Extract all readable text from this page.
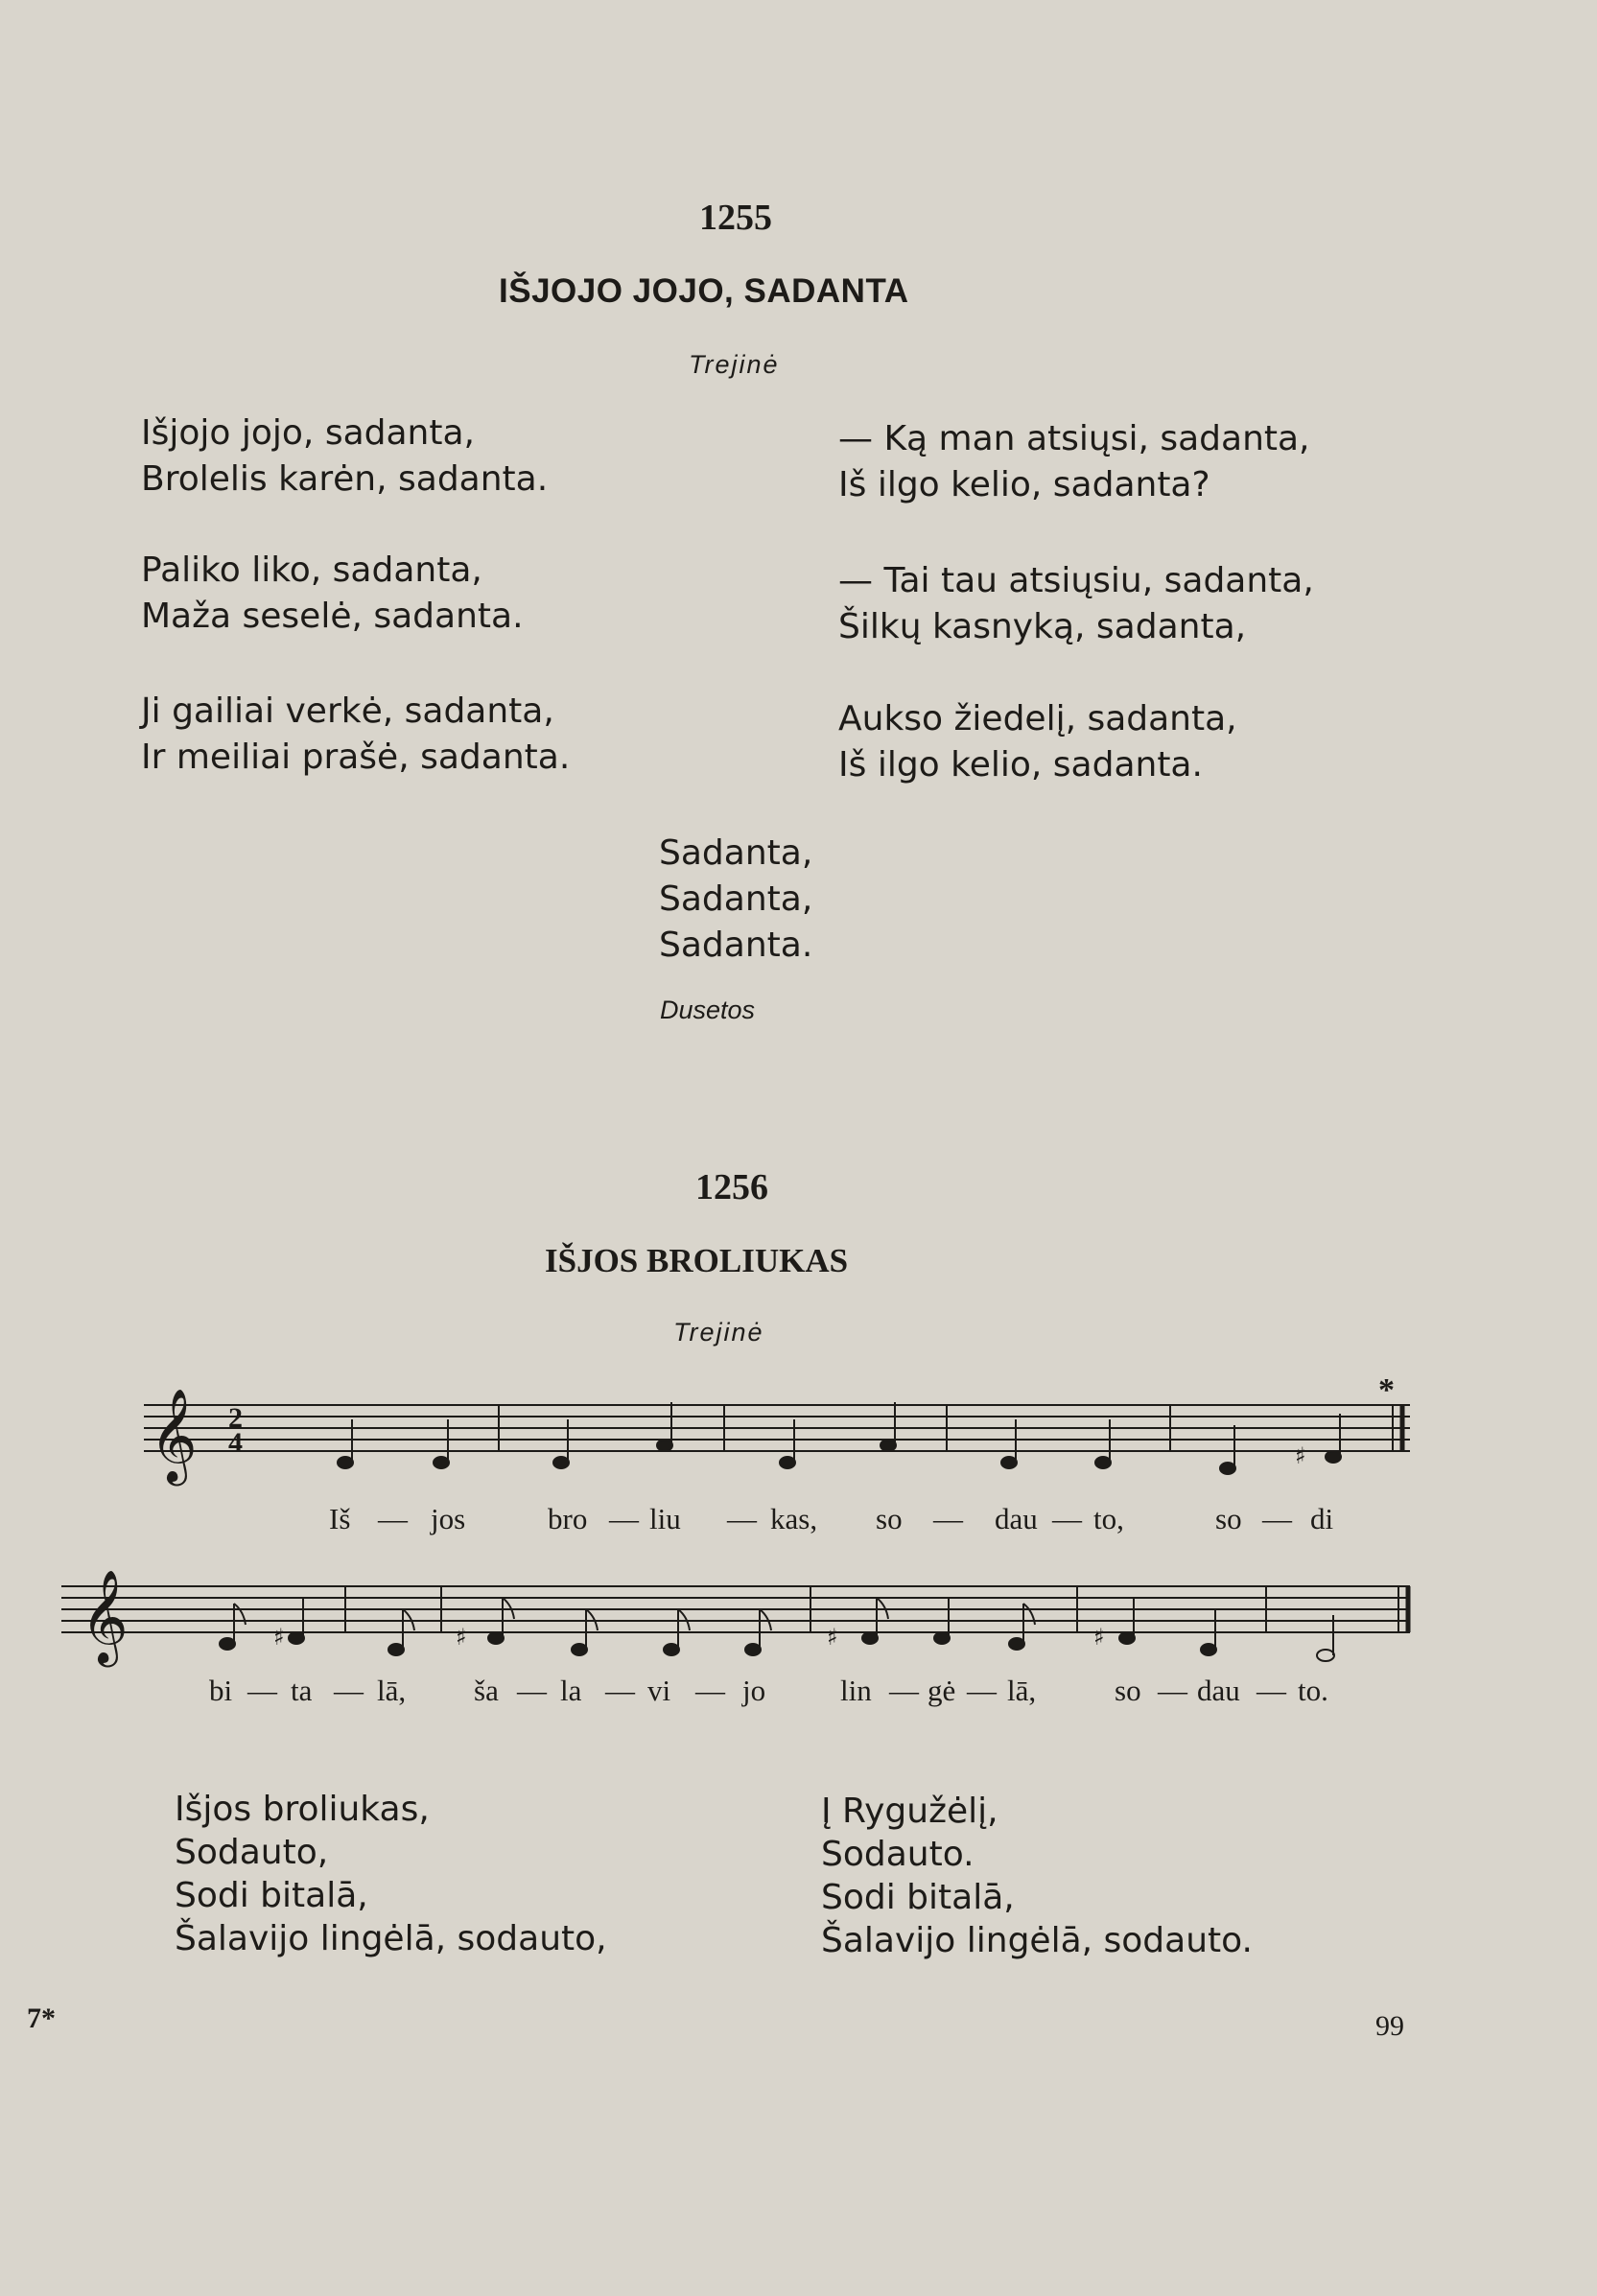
1255
IŠJOJO JOJO, SADANTA
Trejinė
Išjojo jojo, sadanta,
Brolelis karėn, sadanta.
Paliko liko, sadanta,
Maža seselė, sadanta.
Ji gailiai verkė, sadanta,
Ir meiliai prašė, sadanta.
— Ką man atsiųsi, sadanta,
Iš ilgo kelio, sadanta?
— Tai tau atsiųsiu, sadanta,
Šilkų kasnyką, sadanta,
Aukso žiedelį, sadanta,
Iš ilgo kelio, sadanta.
Sadanta,
Sadanta,
Sadanta.
Dusetos
1256
IŠJOS BROLIUKAS
Trejinė
𝄞 2
4	♯
*
Iš — jos	bro — liu — kas, so — dau — to,	so — di
𝄞	♯	♯	♯	♯
bi — ta — lā, ša — la — vi — jo	lin — gė — lā,	so — dau — to.
Išjos broliukas,
Sodauto,
Sodi bitalā,
Šalavijo lingėlā, sodauto,
Į Rygužėlį,
Sodauto.
Sodi bitalā,
Šalavijo lingėlā, sodauto.
7*	99
